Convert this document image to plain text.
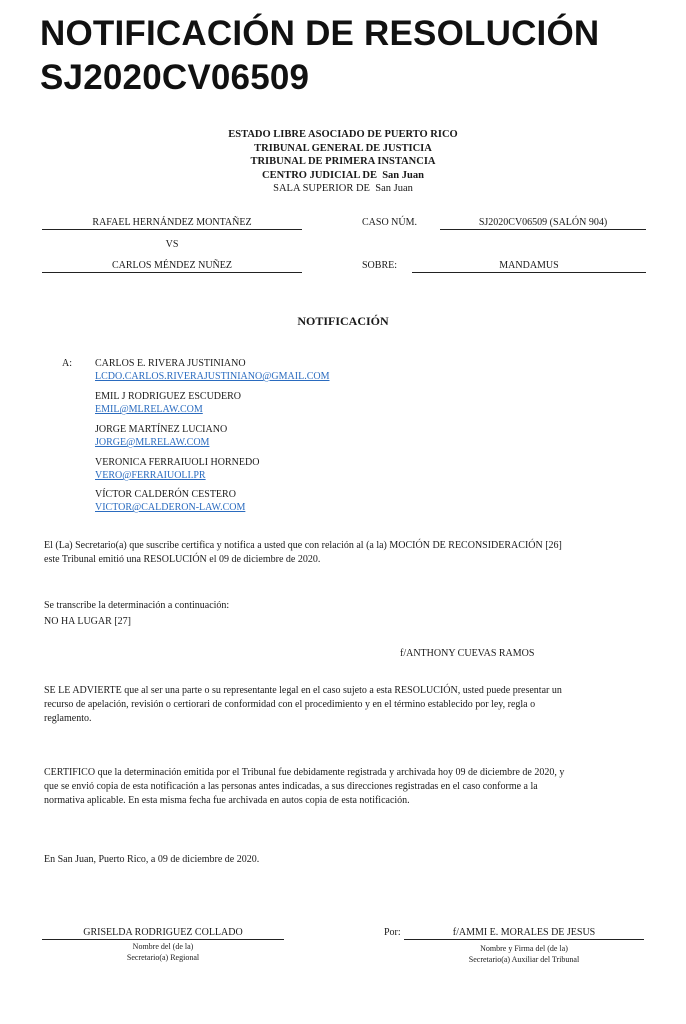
NOTIFICACIÓN DE RESOLUCIÓN
SJ2020CV06509
ESTADO LIBRE ASOCIADO DE PUERTO RICO
TRIBUNAL GENERAL DE JUSTICIA
TRIBUNAL DE PRIMERA INSTANCIA
CENTRO JUDICIAL DE San Juan
SALA SUPERIOR DE San Juan
RAFAEL HERNÁNDEZ MONTAÑEZ
VS
CARLOS MÉNDEZ NUÑEZ
CASO NÚM.	SJ2020CV06509 (SALÓN 904)
SOBRE:	MANDAMUS
NOTIFICACIÓN
A: CARLOS E. RIVERA JUSTINIANO
LCDO.CARLOS.RIVERAJUSTINIANO@GMAIL.COM
EMIL J RODRIGUEZ ESCUDERO
EMIL@MLRELAW.COM
JORGE MARTÍNEZ LUCIANO
JORGE@MLRELAW.COM
VERONICA FERRAIUOLI HORNEDO
VERO@FERRAIUOLI.PR
VÍCTOR CALDERÓN CESTERO
VICTOR@CALDERON-LAW.COM
El (La) Secretario(a) que suscribe certifica y notifica a usted que con relación al (a la) MOCIÓN DE RECONSIDERACIÓN [26]
este Tribunal emitió una RESOLUCIÓN el 09 de diciembre de 2020.
Se transcribe la determinación a continuación:
NO HA LUGAR [27]
f/ANTHONY CUEVAS RAMOS
SE LE ADVIERTE que al ser una parte o su representante legal en el caso sujeto a esta RESOLUCIÓN, usted puede presentar un
recurso de apelación, revisión o certiorari de conformidad con el procedimiento y en el término establecido por ley, regla o
reglamento.
CERTIFICO que la determinación emitida por el Tribunal fue debidamente registrada y archivada hoy 09 de diciembre de 2020, y
que se envió copia de esta notificación a las personas antes indicadas, a sus direcciones registradas en el caso conforme a la
normativa aplicable. En esta misma fecha fue archivada en autos copia de esta notificación.
En San Juan, Puerto Rico, a 09 de diciembre de 2020.
GRISELDA RODRIGUEZ COLLADO
Nombre del (de la)
Secretario(a) Regional
Por:	f/AMMI E. MORALES DE JESUS
Nombre y Firma del (de la)
Secretario(a) Auxiliar del Tribunal
